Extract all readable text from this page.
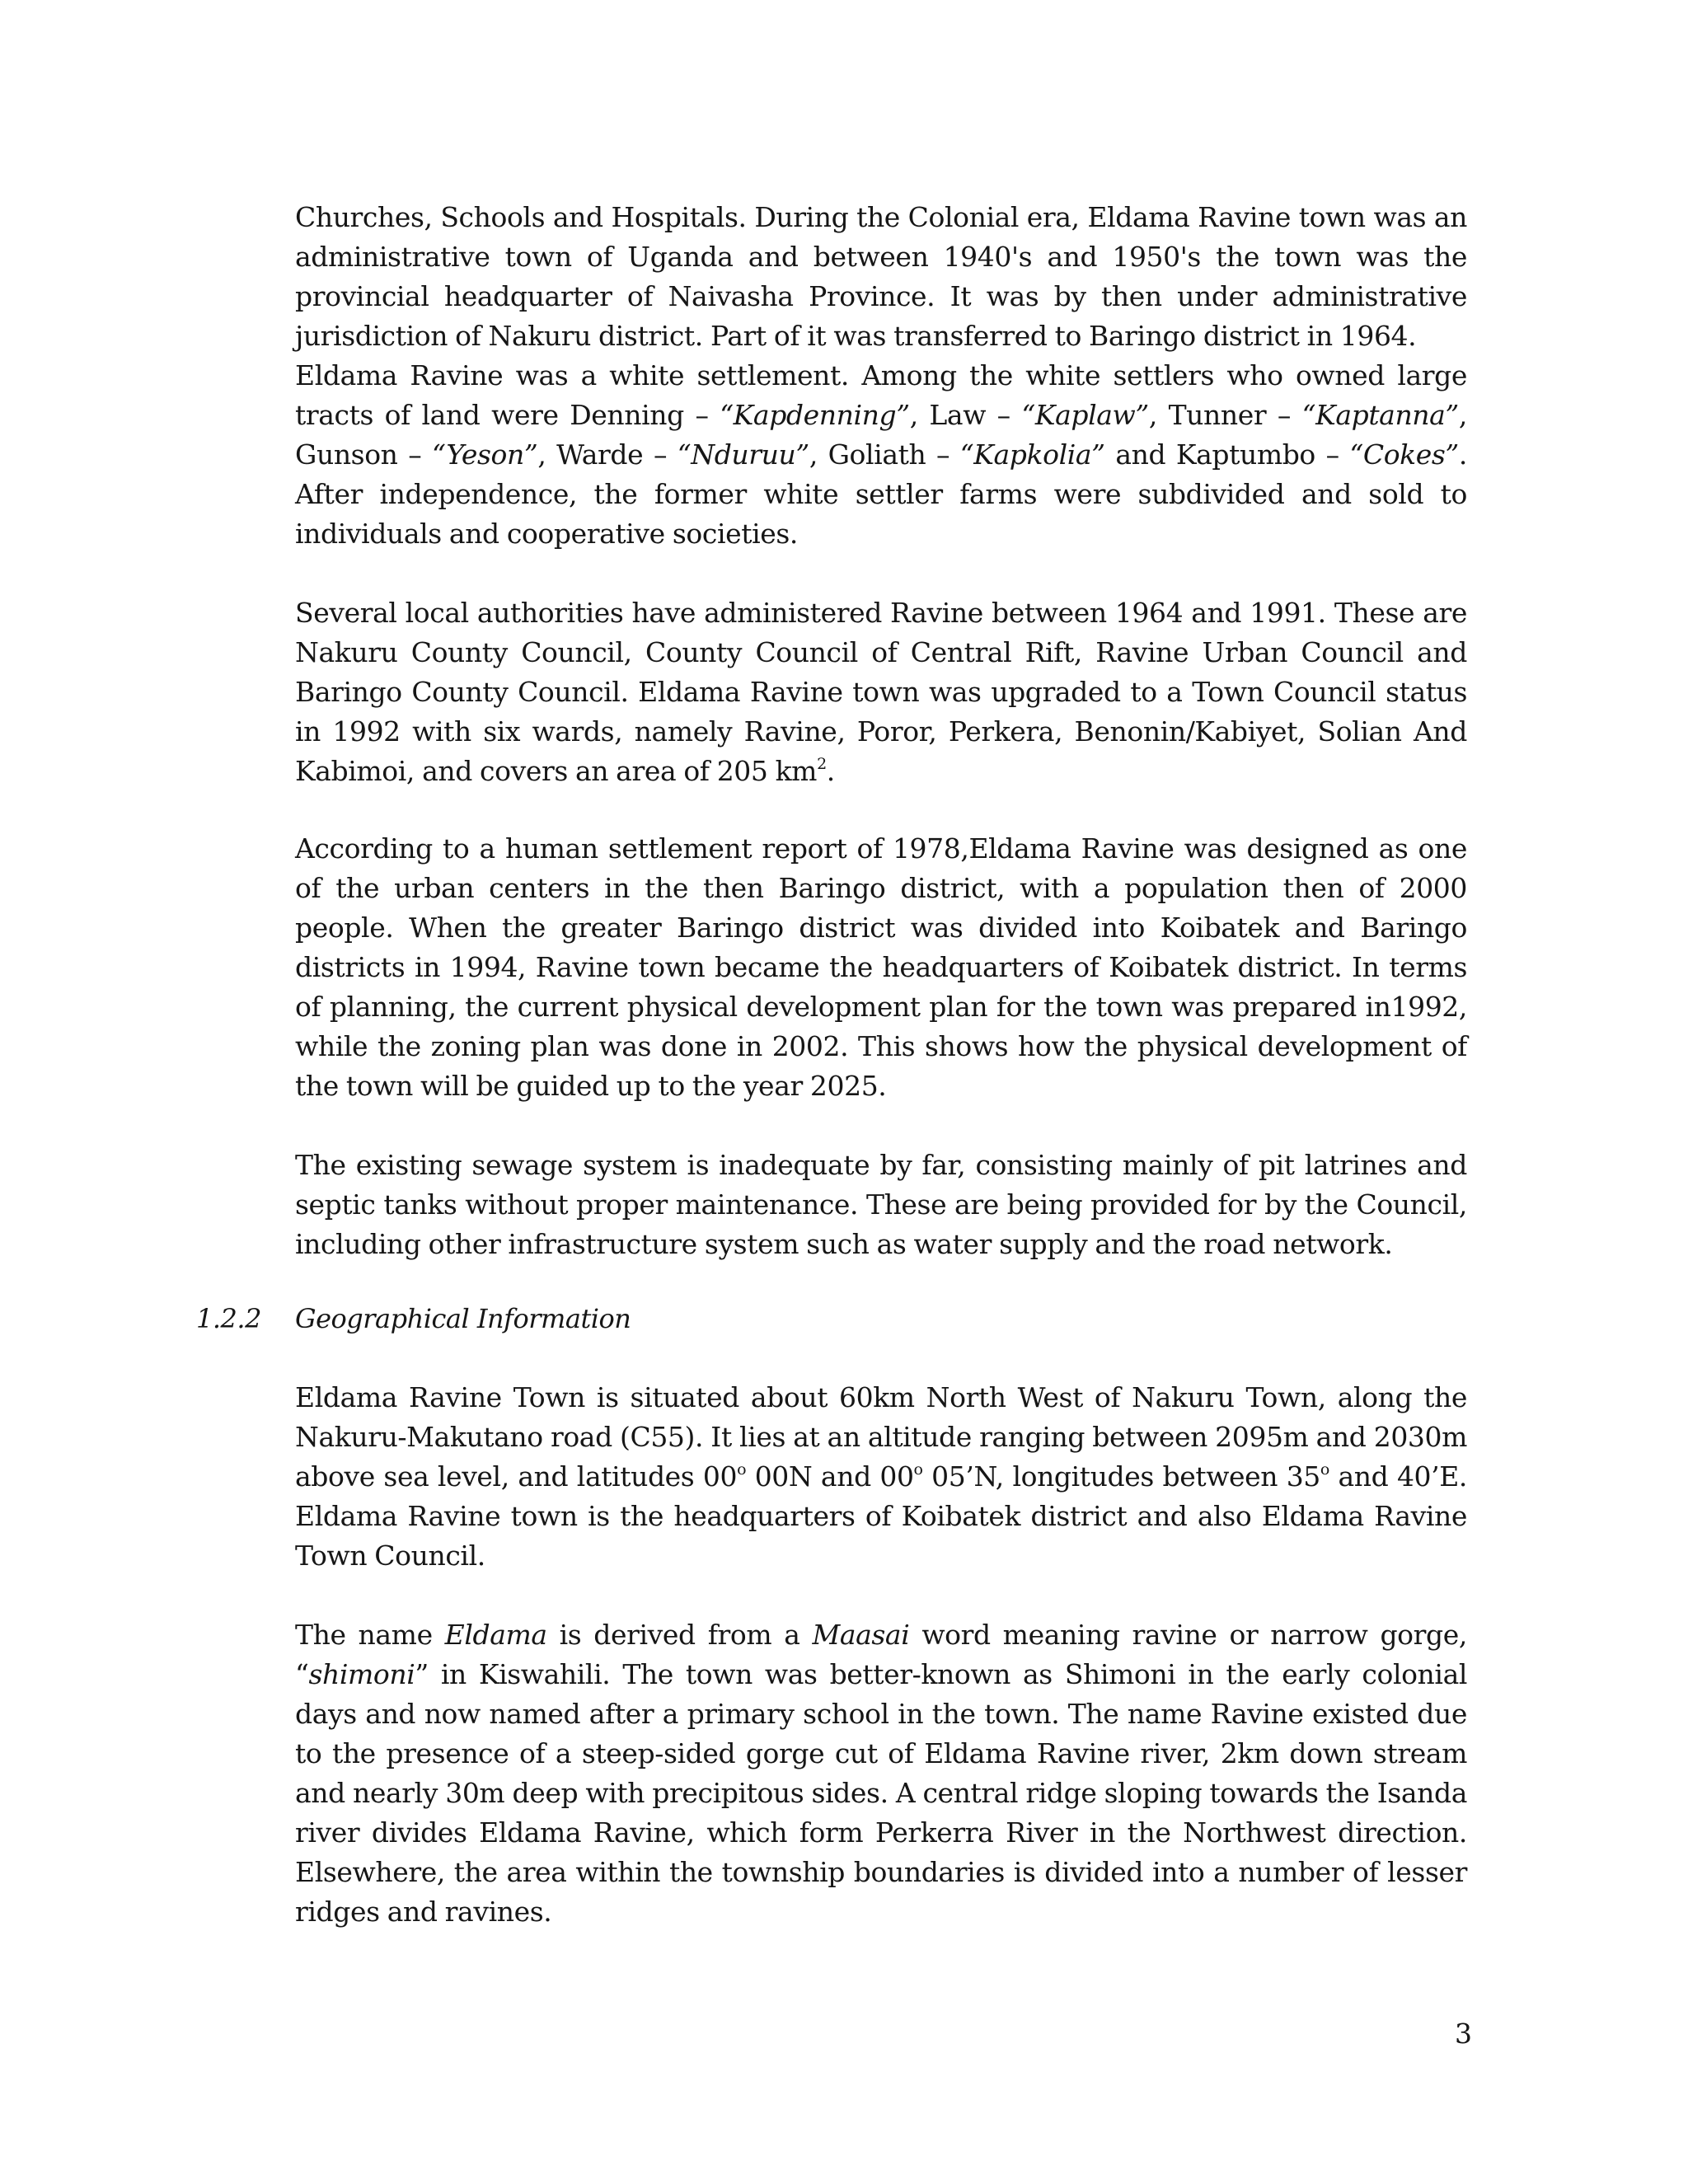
Churches, Schools and Hospitals. During the Colonial era, Eldama Ravine town was an administrative town of Uganda and between 1940's and 1950's the town was the provincial headquarter of Naivasha Province. It was by then under administrative jurisdiction of Nakuru district. Part of it was transferred to Baringo district in 1964.

Eldama Ravine was a white settlement. Among the white settlers who owned large tracts of land were Denning – “Kapdenning”, Law – “Kaplaw”, Tunner – “Kaptanna”, Gunson – “Yeson”, Warde – “Nduruu”, Goliath – “Kapkolia” and Kaptumbo – “Cokes”. After independence, the former white settler farms were subdivided and sold to individuals and cooperative societies.

Several local authorities have administered Ravine between 1964 and 1991. These are Nakuru County Council, County Council of Central Rift, Ravine Urban Council and Baringo County Council. Eldama Ravine town was upgraded to a Town Council status in 1992 with six wards, namely Ravine, Poror, Perkera, Benonin/Kabiyet, Solian And Kabimoi, and covers an area of 205 $km^2$.

According to a human settlement report of 1978,Eldama Ravine was designed as one of the urban centers in the then Baringo district, with a population then of 2000 people. When the greater Baringo district was divided into Koibatek and Baringo districts in 1994, Ravine town became the headquarters of Koibatek district. In terms of planning, the current physical development plan for the town was prepared in1992, while the zoning plan was done in 2002. This shows how the physical development of the town will be guided up to the year 2025.

The existing sewage system is inadequate by far, consisting mainly of pit latrines and septic tanks without proper maintenance. These are being provided for by the Council, including other infrastructure system such as water supply and the road network.

1.2.2 Geographical Information

Eldama Ravine Town is situated about 60km North West of Nakuru Town, along the Nakuru-Makutano road (C55). It lies at an altitude ranging between 2095m and 2030m above sea level, and latitudes 00$^o$ 00N and 00$^o$ 05’N, longitudes between 35$^o$ and 40’E. Eldama Ravine town is the headquarters of Koibatek district and also Eldama Ravine Town Council.

The name Eldama is derived from a Maasai word meaning ravine or narrow gorge, “shimoni” in Kiswahili. The town was better-known as Shimoni in the early colonial days and now named after a primary school in the town. The name Ravine existed due to the presence of a steep-sided gorge cut of Eldama Ravine river, 2km down stream and nearly 30m deep with precipitous sides. A central ridge sloping towards the Isanda river divides Eldama Ravine, which form Perkerra River in the Northwest direction. Elsewhere, the area within the township boundaries is divided into a number of lesser ridges and ravines.

3
